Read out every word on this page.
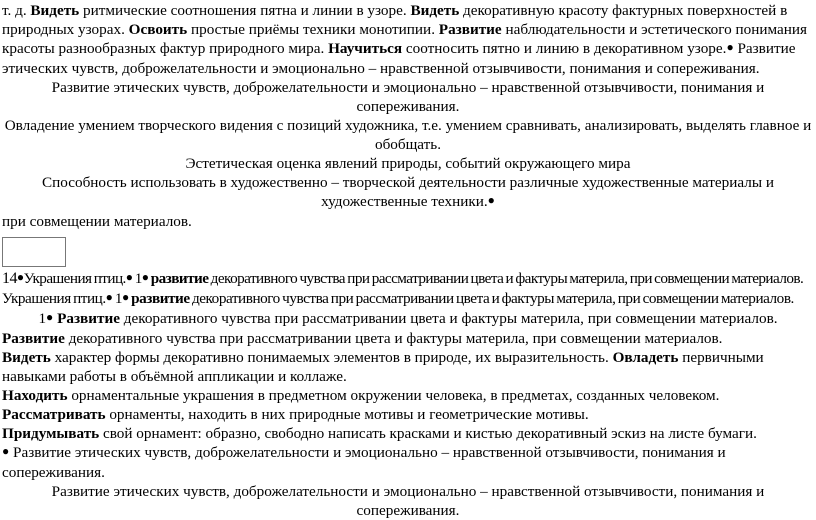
т. д. Видеть ритмические соотношения пятна и линии в узоре. Видеть декоративную красоту фактурных поверхностей в природных узорах. Освоить простые приёмы техники монотипии. Развитие наблюдательности и эстетического понимания красоты разнообразных фактур природного мира. Научиться соотносить пятно и линию в декоративном узоре.● Развитие этических чувств, доброжелательности и эмоционально – нравственной отзывчивости, понимания и сопереживания.

Развитие этических чувств, доброжелательности и эмоционально – нравственной отзывчивости, понимания и сопереживания.

Овладение умением творческого видения с позиций художника, т.е. умением сравнивать, анализировать, выделять главное и обобщать.

Эстетическая оценка явлений природы, событий окружающего мира

Способность использовать в художественно – творческой деятельности различные художественные материалы и художественные техники.●

при совмещении материалов.

14●Украшения птиц.● 1● развитие декоративного чувства при рассматривании цвета и фактуры материла, при совмещении материалов.
Украшения птиц.● 1● развитие декоративного чувства при рассматривании цвета и фактуры материла, при совмещении материалов.

1● Развитие декоративного чувства при рассматривании цвета и фактуры материла, при совмещении материалов.

Развитие декоративного чувства при рассматривании цвета и фактуры материла, при совмещении материалов.

Видеть характер формы декоративно понимаемых элементов в природе, их выразительность. Овладеть первичными навыками работы в объёмной аппликации и коллаже.

Находить орнаментальные украшения в предметном окружении человека, в предметах, созданных человеком.

Рассматривать орнаменты, находить в них природные мотивы и геометрические мотивы.

Придумывать свой орнамент: образно, свободно написать красками и кистью декоративный эскиз на листе бумаги.

● Развитие этических чувств, доброжелательности и эмоционально – нравственной отзывчивости, понимания и сопереживания.

Развитие этических чувств, доброжелательности и эмоционально – нравственной отзывчивости, понимания и сопереживания.
